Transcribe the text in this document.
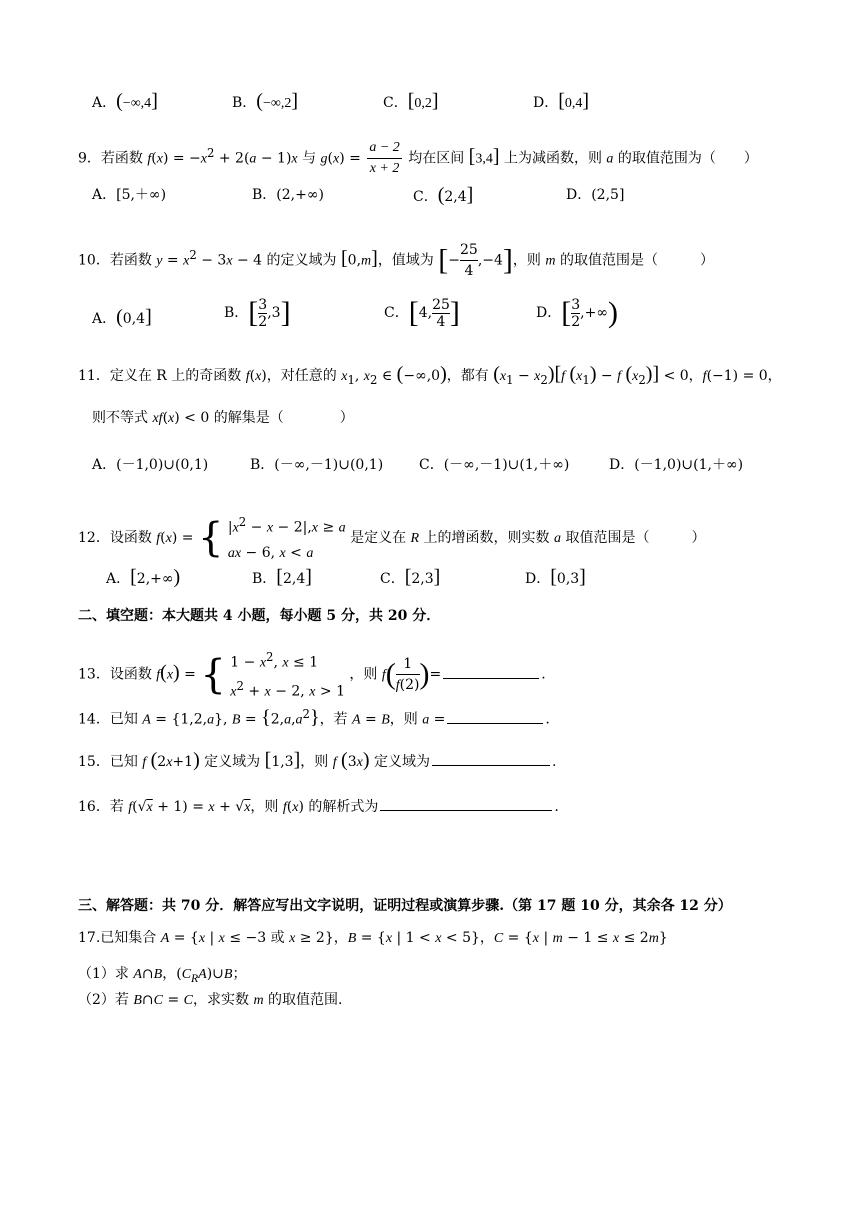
A．(−∞,4]	B．(−∞,2]	C．[0,2]	D．[0,4]
9．若函数 $f(x) = -x^2 + 2(a - 1)x$ 与 $g(x) = \frac{a - 2}{x + 2}$ 均在区间 [3,4] 上为减函数，则 a 的取值范围为（　　）
A．[5,＋∞)	B．(2,+∞)	C．(2,4]	D．(2,5]
10．若函数 $y = x^2 - 3x - 4$ 的定义域为 [0,m]，值域为 [− $\frac{25}{4} ,-4$]，则 m 的取值范围是（　　　）
A．(0,4]	B．[ $\frac{3}{2} ,3$]	C．[4, $\frac{25}{4}$ ]	D．[ $\frac{3}{2}$ ,+∞)
11．定义在 R 上的奇函数 f(x)，对任意的 $x_1$, $x_2$ ∈ (−∞,0)，都有 $(x_1 - x_2)[f$ $(x_1) - f$ $(x_2)] < 0$，f(−1) = 0，
则不等式 xf(x) < 0 的解集是（　　　　）
A．(－1,0)∪(0,1)	B．(－∞,－1)∪(0,1)	C．(－∞,－1)∪(1,＋∞)	D．(－1,0)∪(1,＋∞)
12．设函数 f(x) = { $|x^2 - x - 2|,x \ge a$
ax − 6, x < a
是定义在 R 上的增函数，则实数 a 取值范围是（　　　）
A．[2,+∞)	B．[2,4]	C．[2,3]	D．[0,3]
二、填空题：本大题共 4 小题，每小题 5 分，共 20 分．
13．设函数 f(x) = { $1 - x^2$, x ≤ 1
$x^2 + x - 2$, x > 1
，则 $f( \frac{1}{f(2)}$ )=	.
14．已知 A = {1,2,a}, $B = \{2,a,a^2\}$，若 A = B，则 a =	.
15．已知 f (2x+1) 定义域为 [1,3]，则 f (3x) 定义域为	.
16．若 f(√x + 1) = x + √x，则 f(x) 的解析式为	.
三、解答题：共 70 分．解答应写出文字说明，证明过程或演算步骤.（第 17 题 10 分，其余各 12 分）
17.已知集合 A = {x | x ≤ −3 或 x ≥ 2}，B = {x | 1 < x < 5}，C = {x | m − 1 ≤ x ≤ 2m}
（1）求 A∩B，$(C_RA)\cup B$；
（2）若 B∩C = C，求实数 m 的取值范围.
